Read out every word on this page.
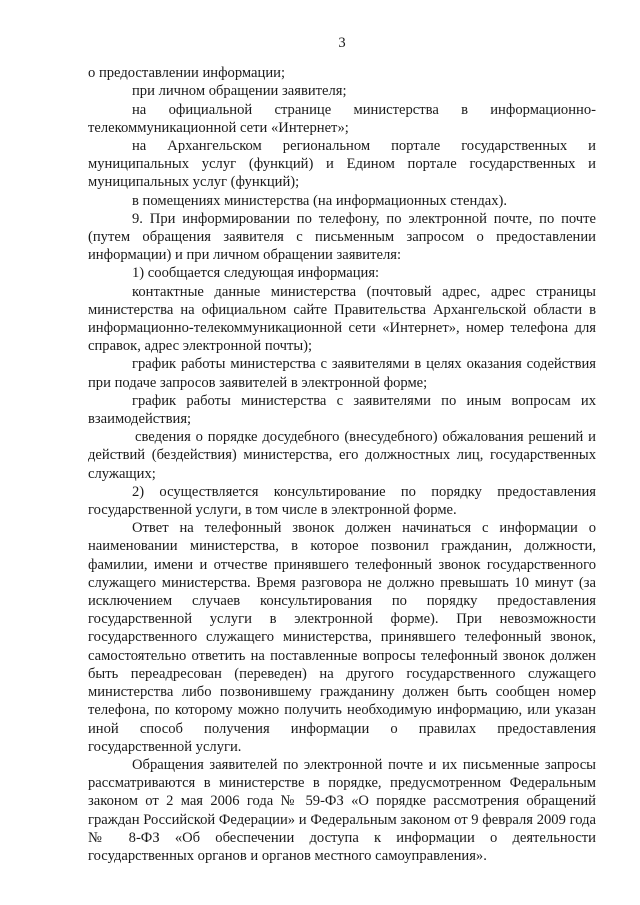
3

о предоставлении информации;

при личном обращении заявителя;

на официальной странице министерства в информационно-телекоммуникационной сети «Интернет»;

на Архангельском региональном портале государственных и муниципальных услуг (функций) и Едином портале государственных и муниципальных услуг (функций);

в помещениях министерства (на информационных стендах).

9. При информировании по телефону, по электронной почте, по почте (путем обращения заявителя с письменным запросом о предоставлении информации) и при личном обращении заявителя:

1) сообщается следующая информация:

контактные данные министерства (почтовый адрес, адрес страницы министерства на официальном сайте Правительства Архангельской области в информационно-телекоммуникационной сети «Интернет», номер телефона для справок, адрес электронной почты);

график работы министерства с заявителями в целях оказания содействия при подаче запросов заявителей в электронной форме;

график работы министерства с заявителями по иным вопросам их взаимодействия;

сведения о порядке досудебного (внесудебного) обжалования решений и действий (бездействия) министерства, его должностных лиц, государственных служащих;

2) осуществляется консультирование по порядку предоставления государственной услуги, в том числе в электронной форме.

Ответ на телефонный звонок должен начинаться с информации о наименовании министерства, в которое позвонил гражданин, должности, фамилии, имени и отчестве принявшего телефонный звонок государственного служащего министерства. Время разговора не должно превышать 10 минут (за исключением случаев консультирования по порядку предоставления государственной услуги в электронной форме). При невозможности государственного служащего министерства, принявшего телефонный звонок, самостоятельно ответить на поставленные вопросы телефонный звонок должен быть переадресован (переведен) на другого государственного служащего министерства либо позвонившему гражданину должен быть сообщен номер телефона, по которому можно получить необходимую информацию, или указан иной способ получения информации о правилах предоставления государственной услуги.

Обращения заявителей по электронной почте и их письменные запросы рассматриваются в министерстве в порядке, предусмотренном Федеральным законом от 2 мая 2006 года № 59-ФЗ «О порядке рассмотрения обращений граждан Российской Федерации» и Федеральным законом от 9 февраля 2009 года № 8-ФЗ «Об обеспечении доступа к информации о деятельности государственных органов и органов местного самоуправления».
